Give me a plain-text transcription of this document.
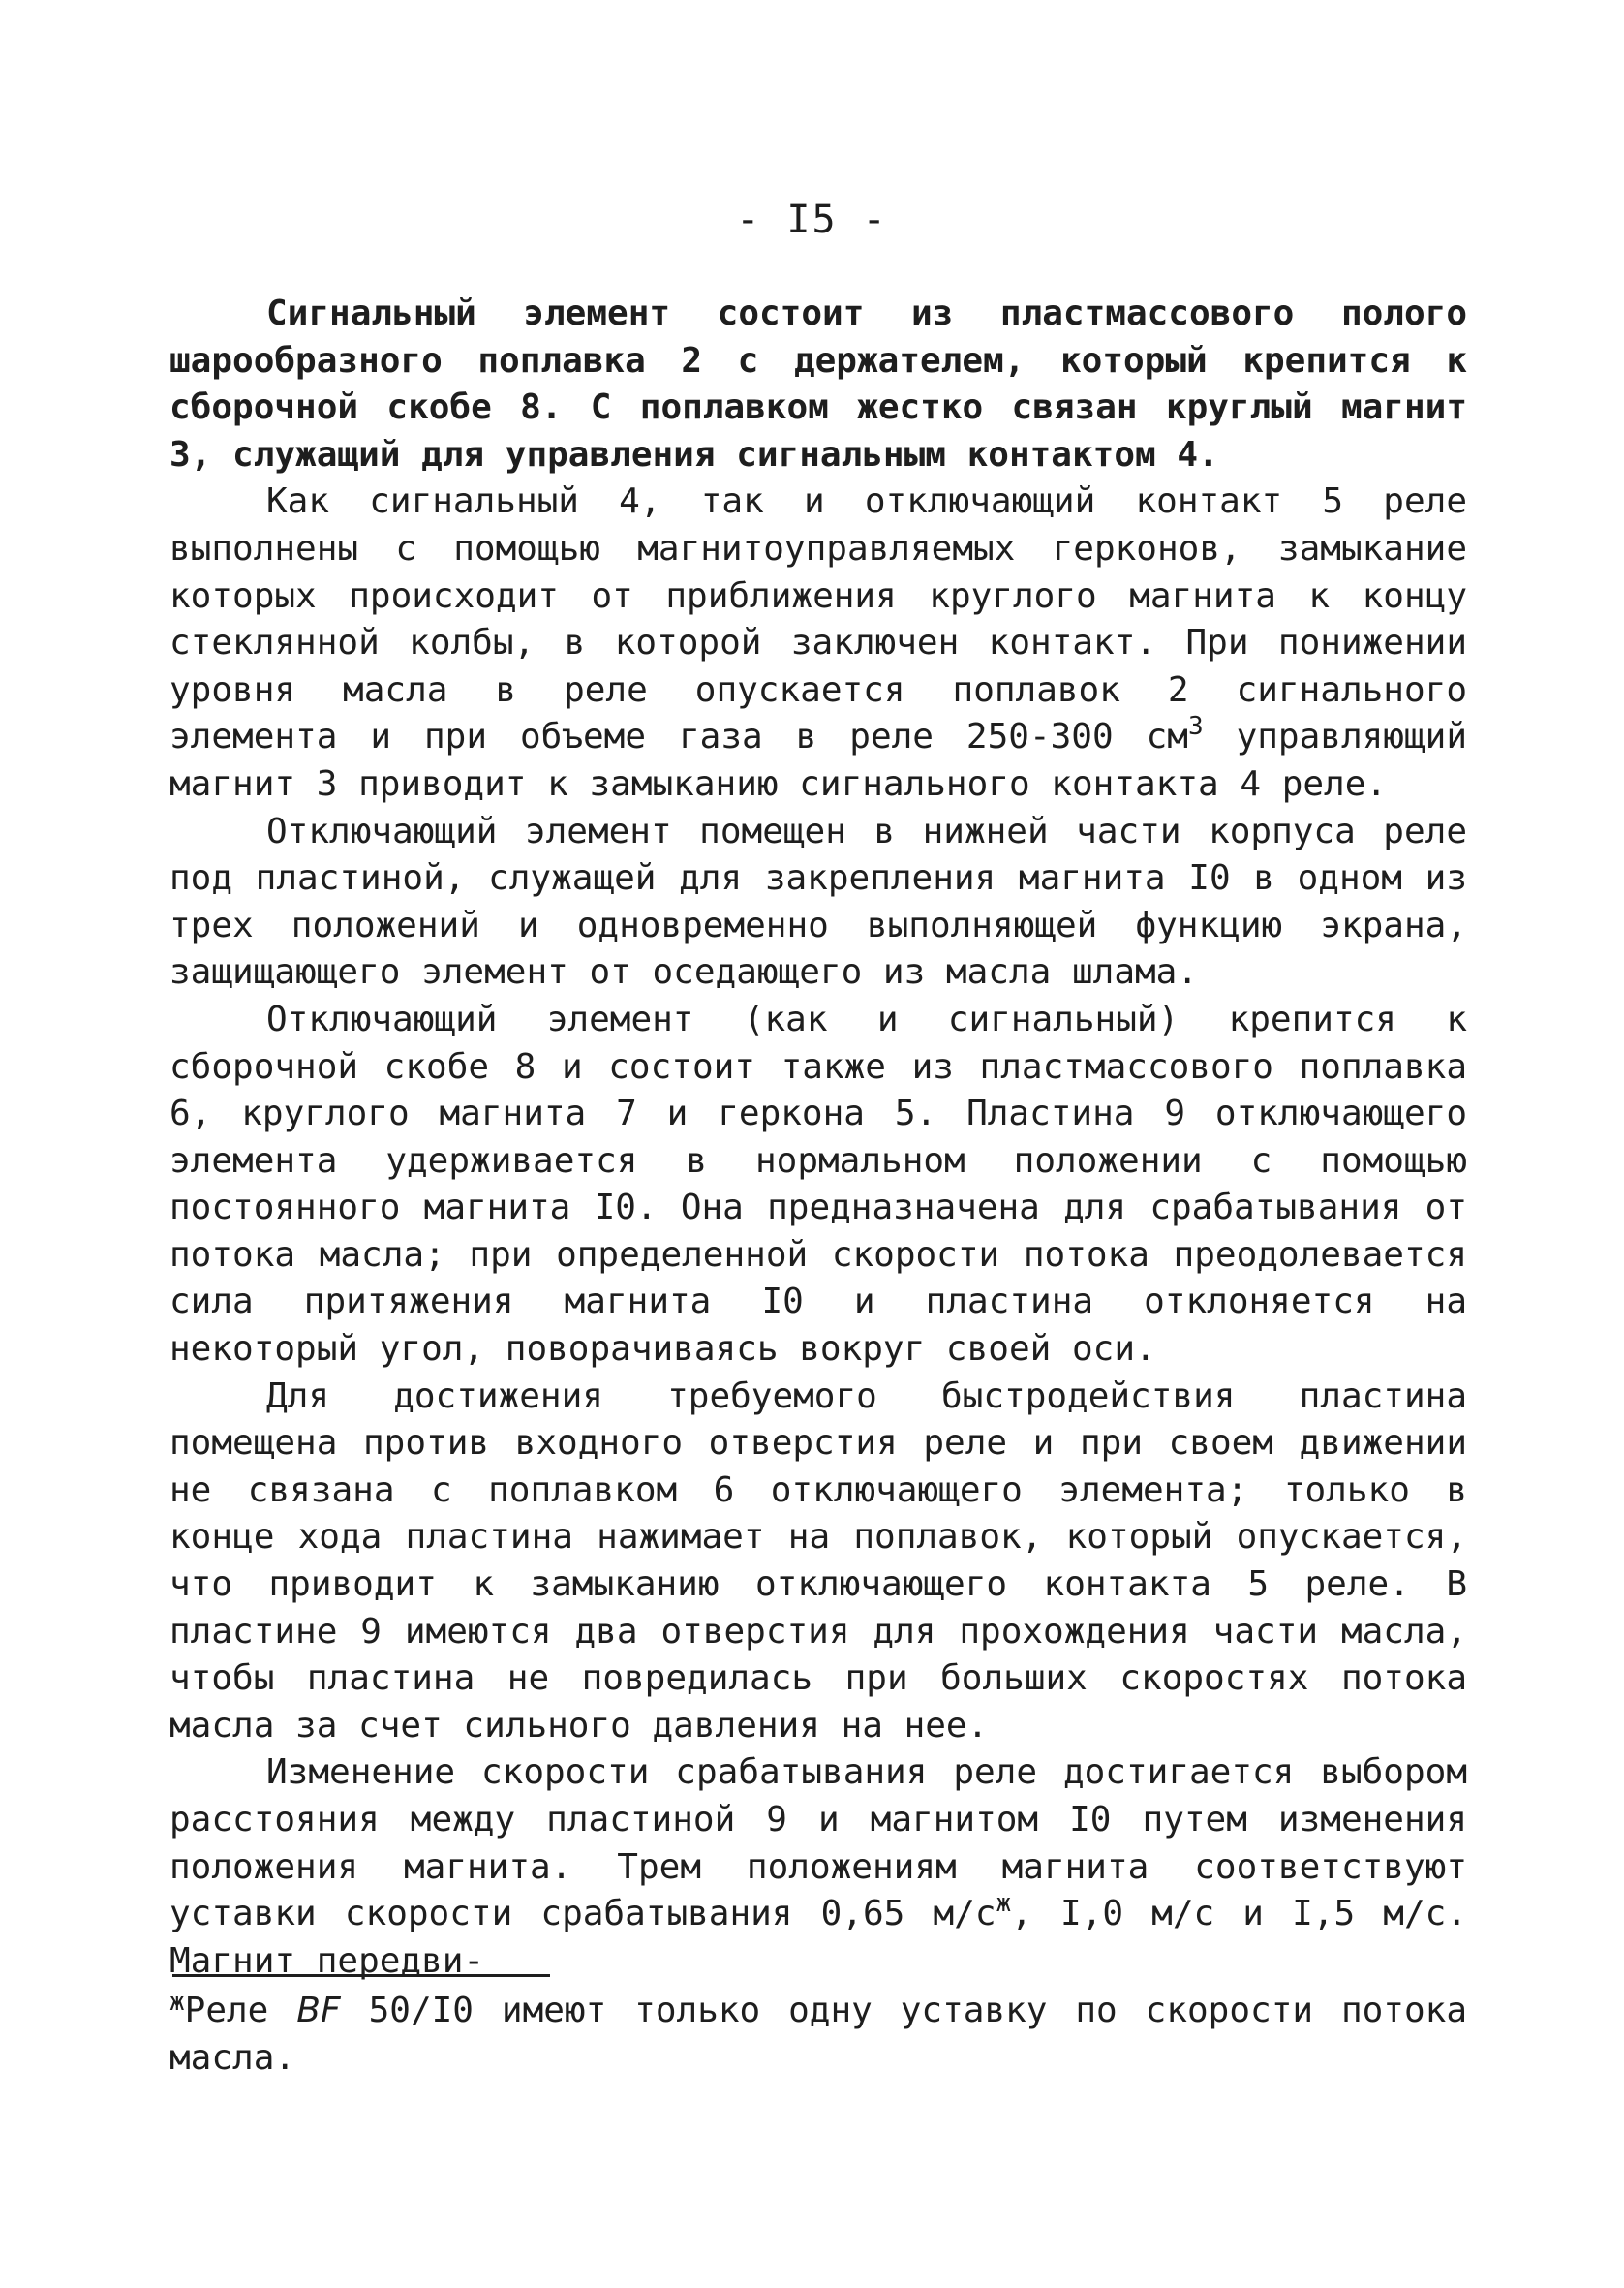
- I5 -

Сигнальный элемент состоит из пластмассового полого шарообразного поплавка 2 с держателем, который крепится к сборочной скобе 8. С поплавком жестко связан круглый магнит 3, служащий для управления сигнальным контактом 4.

Как сигнальный 4, так и отключающий контакт 5 реле выполнены с помощью магнитоуправляемых герконов, замыкание которых происходит от приближения круглого магнита к концу стеклянной колбы, в которой заключен контакт. При понижении уровня масла в реле опускается поплавок 2 сигнального элемента и при объеме газа в реле 250-300 $см^3$ управляющий магнит 3 приводит к замыканию сигнального контакта 4 реле.

Отключающий элемент помещен в нижней части корпуса реле под пластиной, служащей для закрепления магнита I0 в одном из трех положений и одновременно выполняющей функцию экрана, защищающего элемент от оседающего из масла шлама.

Отключающий элемент (как и сигнальный) крепится к сборочной скобе 8 и состоит также из пластмассового поплавка 6, круглого магнита 7 и геркона 5. Пластина 9 отключающего элемента удерживается в нормальном положении с помощью постоянного магнита I0. Она предназначена для срабатывания от потока масла; при определенной скорости потока преодолевается сила притяжения магнита I0 и пластина отклоняется на некоторый угол, поворачиваясь вокруг своей оси.

Для достижения требуемого быстродействия пластина помещена против входного отверстия реле и при своем движении не связана с поплавком 6 отключающего элемента; только в конце хода пластина нажимает на поплавок, который опускается, что приводит к замыканию отключающего контакта 5 реле. В пластине 9 имеются два отверстия для прохождения части масла, чтобы пластина не повредилась при больших скоростях потока масла за счет сильного давления на нее.

Изменение скорости срабатывания реле достигается выбором расстояния между пластиной 9 и магнитом I0 путем изменения положения магнита. Трем положениям магнита соответствуют уставки скорости срабатывания 0,65 $м/с^ж$, I,0 м/с и I,5 м/с. Магнит передви-

$^ж$Реле BF 50/I0 имеют только одну уставку по скорости потока масла.
